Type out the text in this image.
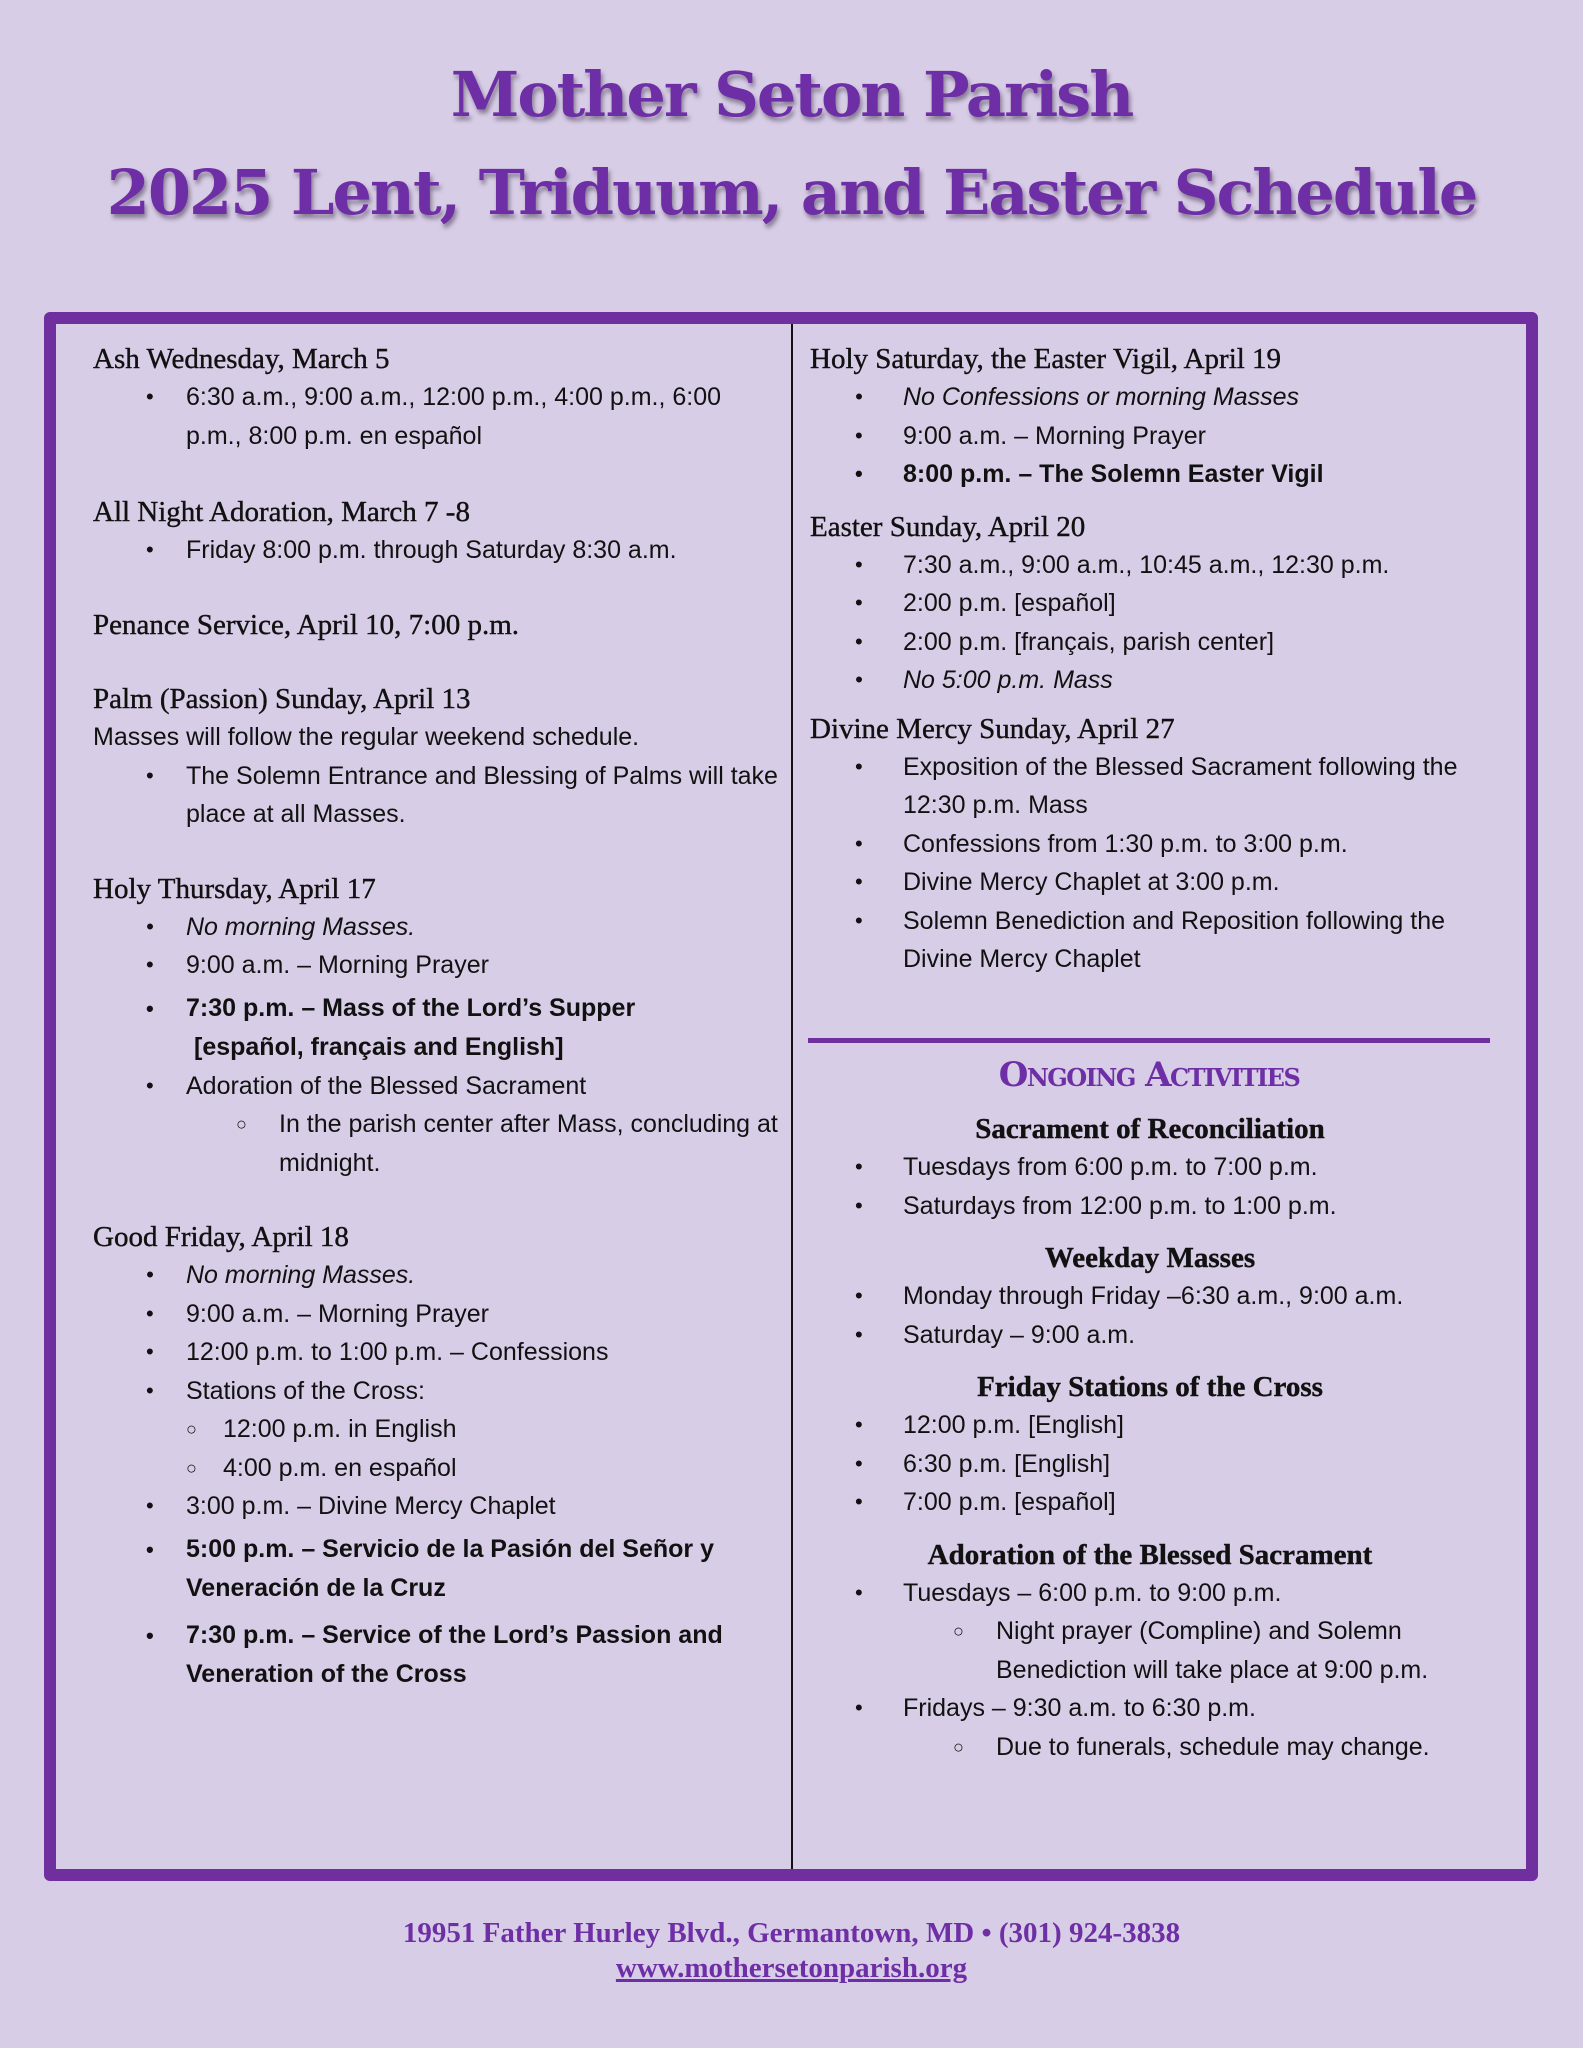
Mother Seton Parish
2025 Lent, Triduum, and Easter Schedule
Ash Wednesday, March 5
• 6:30 a.m., 9:00 a.m., 12:00 p.m., 4:00 p.m., 6:00 p.m., 8:00 p.m. en español
All Night Adoration, March 7 -8
• Friday 8:00 p.m. through Saturday 8:30 a.m.
Penance Service, April 10, 7:00 p.m.
Palm (Passion) Sunday, April 13

Masses will follow the regular weekend schedule.

• The Solemn Entrance and Blessing of Palms will take place at all Masses.
Holy Thursday, April 17
• No morning Masses.
• 9:00 a.m. – Morning Prayer
• 7:30 p.m. – Mass of the Lord’s Supper
[español, français and English]
• Adoration of the Blessed Sacrament
○ In the parish center after Mass, concluding at midnight.
Good Friday, April 18
• No morning Masses.
• 9:00 a.m. – Morning Prayer
• 12:00 p.m. to 1:00 p.m. – Confessions
• Stations of the Cross:
○ 12:00 p.m. in English
○ 4:00 p.m. en español
• 3:00 p.m. – Divine Mercy Chaplet
• 5:00 p.m. – Servicio de la Pasión del Señor y Veneración de la Cruz
• 7:30 p.m. – Service of the Lord’s Passion and Veneration of the Cross
Holy Saturday, the Easter Vigil, April 19
• No Confessions or morning Masses
• 9:00 a.m. – Morning Prayer
• 8:00 p.m. – The Solemn Easter Vigil
Easter Sunday, April 20
• 7:30 a.m., 9:00 a.m., 10:45 a.m., 12:30 p.m.
• 2:00 p.m. [español]
• 2:00 p.m. [français, parish center]
• No 5:00 p.m. Mass
Divine Mercy Sunday, April 27
• Exposition of the Blessed Sacrament following the 12:30 p.m. Mass
• Confessions from 1:30 p.m. to 3:00 p.m.
• Divine Mercy Chaplet at 3:00 p.m.
• Solemn Benediction and Reposition following the Divine Mercy Chaplet
Ongoing Activities
Sacrament of Reconciliation
• Tuesdays from 6:00 p.m. to 7:00 p.m.
• Saturdays from 12:00 p.m. to 1:00 p.m.
Weekday Masses
• Monday through Friday –6:30 a.m., 9:00 a.m.
• Saturday – 9:00 a.m.
Friday Stations of the Cross
• 12:00 p.m. [English]
• 6:30 p.m. [English]
• 7:00 p.m. [español]
Adoration of the Blessed Sacrament
• Tuesdays – 6:00 p.m. to 9:00 p.m.
○ Night prayer (Compline) and Solemn Benediction will take place at 9:00 p.m.
• Fridays – 9:30 a.m. to 6:30 p.m.
○ Due to funerals, schedule may change.
19951 Father Hurley Blvd., Germantown, MD • (301) 924-3838
www.mothersetonparish.org
